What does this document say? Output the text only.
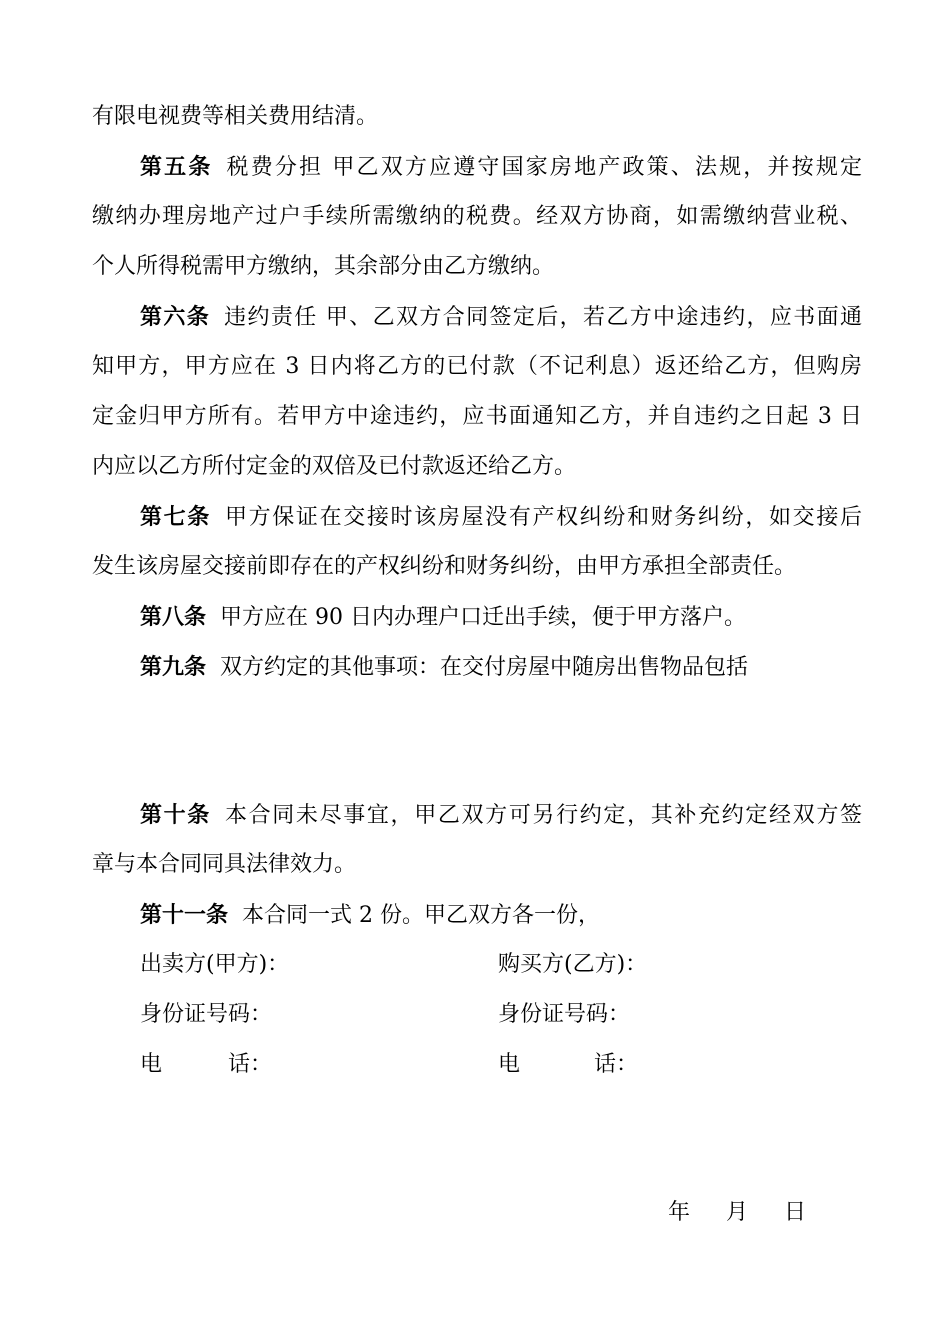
有限电视费等相关费用结清。
第五条 税费分担 甲乙双方应遵守国家房地产政策、法规，并按规定
缴纳办理房地产过户手续所需缴纳的税费。经双方协商，如需缴纳营业税、
个人所得税需甲方缴纳，其余部分由乙方缴纳。
第六条 违约责任 甲、乙双方合同签定后，若乙方中途违约，应书面通
知甲方，甲方应在 3 日内将乙方的已付款（不记利息）返还给乙方，但购房
定金归甲方所有。若甲方中途违约，应书面通知乙方，并自违约之日起 3 日
内应以乙方所付定金的双倍及已付款返还给乙方。
第七条 甲方保证在交接时该房屋没有产权纠纷和财务纠纷，如交接后
发生该房屋交接前即存在的产权纠纷和财务纠纷，由甲方承担全部责任。
第八条 甲方应在 90 日内办理户口迁出手续，便于甲方落户。
第九条 双方约定的其他事项：在交付房屋中随房出售物品包括
第十条 本合同未尽事宜，甲乙双方可另行约定，其补充约定经双方签
章与本合同同具法律效力。
第十一条 本合同一式 2 份。甲乙双方各一份，
出卖方(甲方)：	购买方(乙方)：
身份证号码：	身份证号码：
电	话：	电	话：
年 月 日
